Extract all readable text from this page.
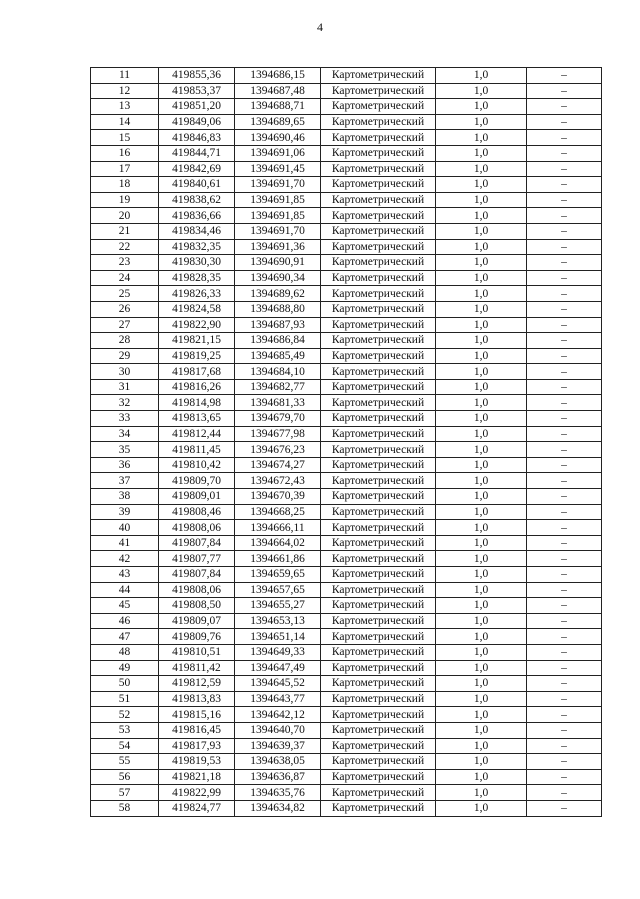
4
11	419855,36	1394686,15	Картометрический	1,0	–
12	419853,37	1394687,48	Картометрический	1,0	–
13	419851,20	1394688,71	Картометрический	1,0	–
14	419849,06	1394689,65	Картометрический	1,0	–
15	419846,83	1394690,46	Картометрический	1,0	–
16	419844,71	1394691,06	Картометрический	1,0	–
17	419842,69	1394691,45	Картометрический	1,0	–
18	419840,61	1394691,70	Картометрический	1,0	–
19	419838,62	1394691,85	Картометрический	1,0	–
20	419836,66	1394691,85	Картометрический	1,0	–
21	419834,46	1394691,70	Картометрический	1,0	–
22	419832,35	1394691,36	Картометрический	1,0	–
23	419830,30	1394690,91	Картометрический	1,0	–
24	419828,35	1394690,34	Картометрический	1,0	–
25	419826,33	1394689,62	Картометрический	1,0	–
26	419824,58	1394688,80	Картометрический	1,0	–
27	419822,90	1394687,93	Картометрический	1,0	–
28	419821,15	1394686,84	Картометрический	1,0	–
29	419819,25	1394685,49	Картометрический	1,0	–
30	419817,68	1394684,10	Картометрический	1,0	–
31	419816,26	1394682,77	Картометрический	1,0	–
32	419814,98	1394681,33	Картометрический	1,0	–
33	419813,65	1394679,70	Картометрический	1,0	–
34	419812,44	1394677,98	Картометрический	1,0	–
35	419811,45	1394676,23	Картометрический	1,0	–
36	419810,42	1394674,27	Картометрический	1,0	–
37	419809,70	1394672,43	Картометрический	1,0	–
38	419809,01	1394670,39	Картометрический	1,0	–
39	419808,46	1394668,25	Картометрический	1,0	–
40	419808,06	1394666,11	Картометрический	1,0	–
41	419807,84	1394664,02	Картометрический	1,0	–
42	419807,77	1394661,86	Картометрический	1,0	–
43	419807,84	1394659,65	Картометрический	1,0	–
44	419808,06	1394657,65	Картометрический	1,0	–
45	419808,50	1394655,27	Картометрический	1,0	–
46	419809,07	1394653,13	Картометрический	1,0	–
47	419809,76	1394651,14	Картометрический	1,0	–
48	419810,51	1394649,33	Картометрический	1,0	–
49	419811,42	1394647,49	Картометрический	1,0	–
50	419812,59	1394645,52	Картометрический	1,0	–
51	419813,83	1394643,77	Картометрический	1,0	–
52	419815,16	1394642,12	Картометрический	1,0	–
53	419816,45	1394640,70	Картометрический	1,0	–
54	419817,93	1394639,37	Картометрический	1,0	–
55	419819,53	1394638,05	Картометрический	1,0	–
56	419821,18	1394636,87	Картометрический	1,0	–
57	419822,99	1394635,76	Картометрический	1,0	–
58	419824,77	1394634,82	Картометрический	1,0	–
